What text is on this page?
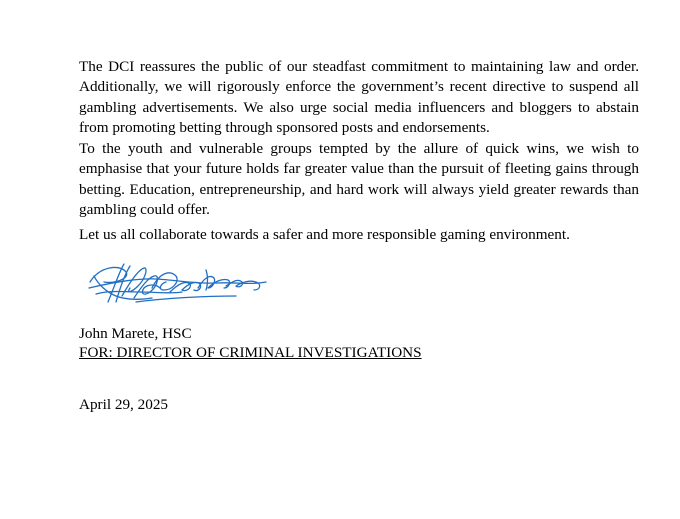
The DCI reassures the public of our steadfast commitment to maintaining law and order. Additionally, we will rigorously enforce the government’s recent directive to suspend all gambling advertisements. We also urge social media influencers and bloggers to abstain from promoting betting through sponsored posts and endorsements.

To the youth and vulnerable groups tempted by the allure of quick wins, we wish to emphasise that your future holds far greater value than the pursuit of fleeting gains through betting. Education, entrepreneurship, and hard work will always yield greater rewards than gambling could offer.

Let us all collaborate towards a safer and more responsible gaming environment.

John Marete, HSC

FOR: DIRECTOR OF CRIMINAL INVESTIGATIONS

April 29, 2025
